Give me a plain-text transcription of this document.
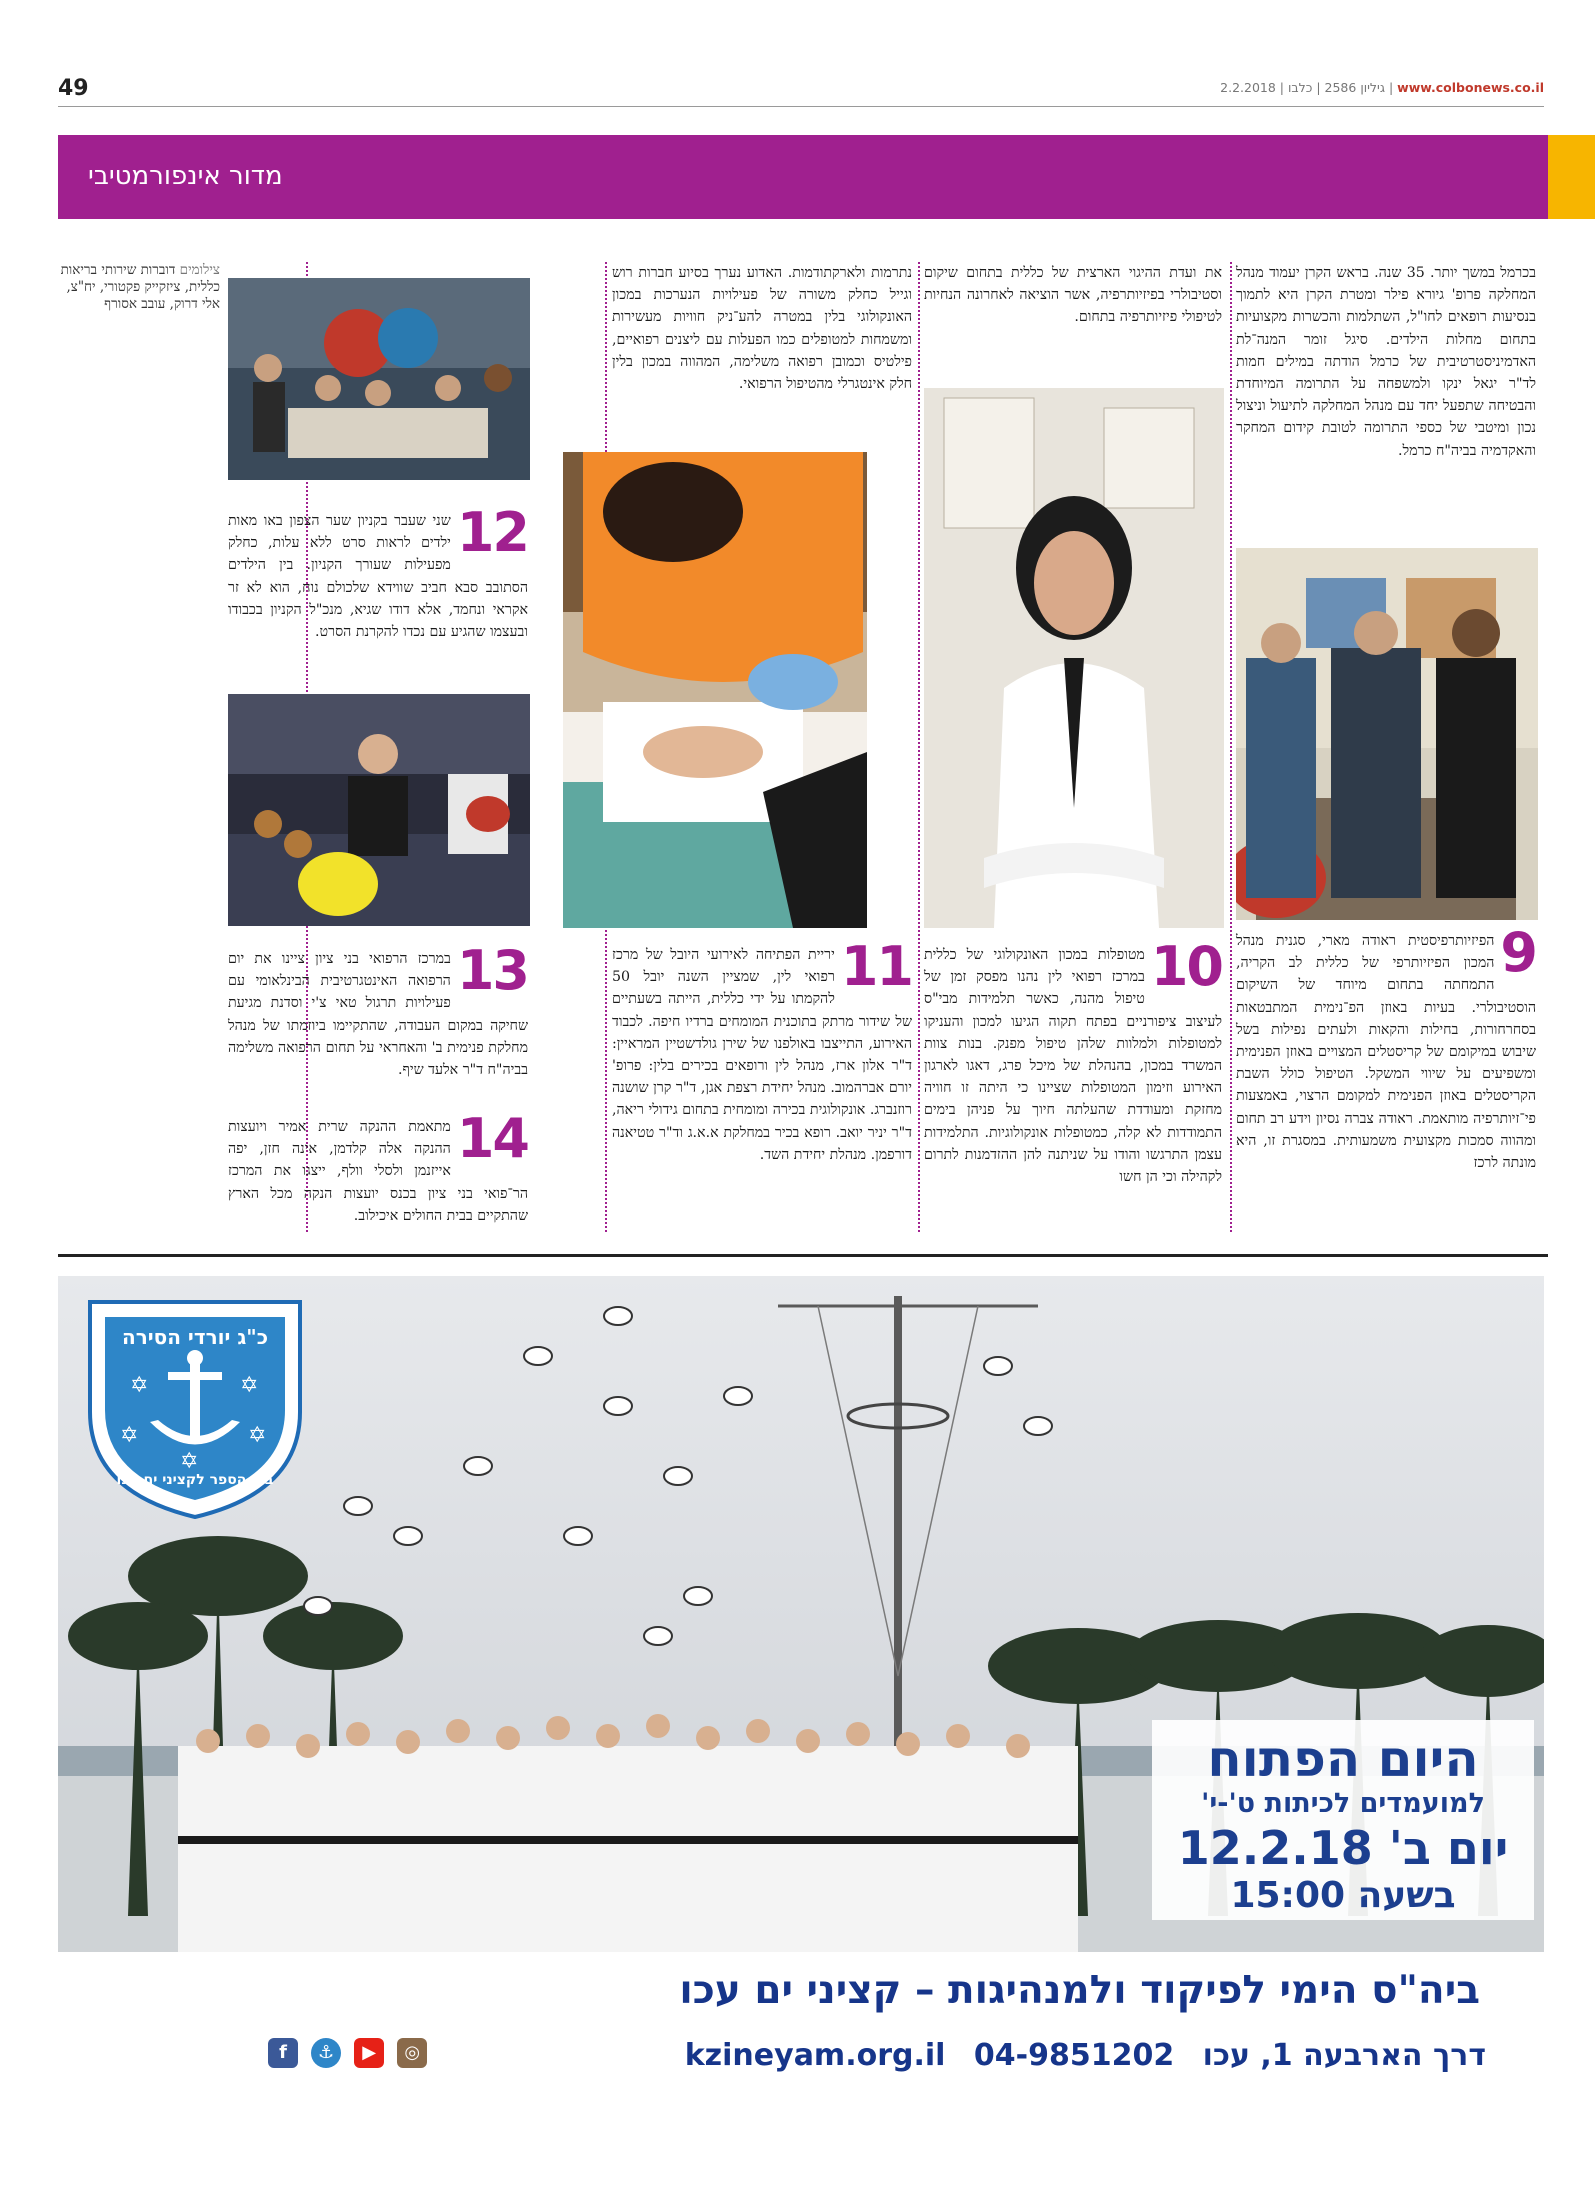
49	2.2.2018 |	גיליון 2586 | כלבו	| www.colbonews.co.il
מדור אינפורמטיבי

בכרמל במשך יותר. 35 שנה. בראש הקרן יעמוד מנהל המחלקה פרופ' גיורא פילר ומטרת הקרן היא לתמוך בנסיעות רופאים לחו"ל, השתלמות והכשרות מקצועיות בתחום מחלות הילדים. סיגל זומר המנה־לת האדמיניסטרטיבית של כרמל הודתה במילים חמות לד"ר יגאל ינקו ולמשפחה על התרומה המיוחדת והבטיחה שתפעל יחד עם מנהל המחלקה לתיעול וניצול נכון ומיטבי של כספי התרומה לטובת קידום המחקר והאקדמיה בביה"ח כרמל.

9
הפיזיותרפיסטית ראודה מארי, סגנית מנהל המכון הפיזיותרפי של כללית לב הקריה, התמחתה בתחום מיוחד של השיקום הוסטיבולרי. בעיות באוזן הפ־נימית המתבטאות בסחרחורות, בחילות והקאות ולעתים נפילות בשל שיבוש במיקומם של קריסטלים המצויים באוזן הפנימית ומשפיעים על שיווי המשקל. הטיפול כולל השבת הקריסטלים באוזן הפנימית למקומם הרצוי, באמצעות פי־זיותרפיה מותאמת. ראודה צברה נסיון וידע רב תחום ומהווה סמכות מקצועית משמעותית. במסגרת זו, היא מונתה לרכז

את ועדת ההיגוי הארצית של כללית בתחום שיקום וסטיבולרי בפיזיותרפיה, אשר הוציאה לאחרונה הנחיות לטיפולי פיזיותרפיה בתחום.

10
מטופלות במכון האונקולוגי של כללית במרכז רפואי לין נהנו מפסק זמן של טיפול מהנה, כאשר תלמידות מבי"ס לעיצוב ציפורניים בפתח תקוה הגיעו למכון והעניקו למטופלות ולמלוות שלהן טיפול מפנק. בנות צוות המשרד במכון, בהנהלת של מיכל פרג, דאגו לארגון האירוע וזימון המטופלות שציינו כי היתה זו חוויה מחזקת ומעודדת שהעלתה חיוך על פניהן בימים התמודדות לא קלה, כמטופלות אונקולוגיות. התלמידות עצמן התרגשו והודו על שניתנה להן ההזדמנות לתרום לקהילה וכי הן חשו

נתרמות ולארקתודמות. האדוע נערך בסיוע חברות רוש וגייל כחלק משורה של פעילויות הנערכות במכון האונקולוגי בלין במטרה להע־ניק חוויות מעשירות ומשמחות למטופלים כמו הפעלות עם ליצנים רפואיים, פילטיס וכמובן רפואה משלימה, המהווה במכון בלין חלק אינטגרלי מהטיפול הרפואי.

11
יריית הפתיחה לאירועי היובל של מרכז רפואי לין, שמציין השנה יובל 50 להקמתו על ידי כללית, הייתה בשעתיים של שידור מרתק בתוכנית המומחים ברדיו חיפה. לכבוד האירוע, התייצבו באולפנו של שירן גולדשטיין המראיין: ד"ר אלון ארז, מנהל לין ורופאים בכירים בלין: פרופ' יורם אברהמוב. מנהל יחידת רצפת אגן, ד"ר קרן שושנה רוזנברג. אונקולוגית בכירה ומומחית בתחום גידולי ריאה, ד"ר יניר יואב. רופא בכיר במחלקת א.א.ג וד"ר טטיאנה דורפמן. מנהלת יחידת השד.
12
שני שעבר בקניון שער הצפון באו מאות ילדים לראות סרט ללא עלות, כחלק מפעילות שעורך הקניון. בין הילדים הסתובב סבא חביב שווידא שלכולם נוח, הוא לא זר אקראי ונחמד, אלא דודו שגיא, מנכ"ל הקניון בכבודו ובעצמו שהגיע עם נכדו להקרנת הסרט.
13
במרכז הרפואי בני ציון ציינו את יום הרפואה האינטגרטיבית הבינלאומי עם פעילויות תרגול טאי צ'י וסדנת מגיעת שחיקה במקום העבודה, שהתקיימו ביוזמתו של מנהל מחלקת פנימית ב' והאחראי על תחום הרפואה משלימה בביה"ח ד"ר אלעד שיף.
14
מתאמת ההנקה שרית אמיר ויועצות ההנקה אלה קלדמן, אינה חזן, יפה אייזנמן ולסלי וולף, ייצגו את המרכז הר־פואי בני ציון בכנס יועצות הנקה מכל הארץ שהתקיים בבית החולים איכילוב.
צילומים דוברות שירותי בריאות כללית, ציזקייק פקטורי, יח"צ, אלי דרוק, עובב אסורף
כ"ג יורדי הסירה
בית הספר לקציני ים עכו
✡	✡
✡	✡
✡
היום הפתוח
למועמדים לכיתות ט'-י'
יום ב' 12.2.18
בשעה 15:00
ביה"ס הימי לפיקוד ולמנהיגות – קציני ים עכו
kzineyam.org.il 04-9851202 דרך הארבעה 1, עכו
f ⚓ ▶ ◎
